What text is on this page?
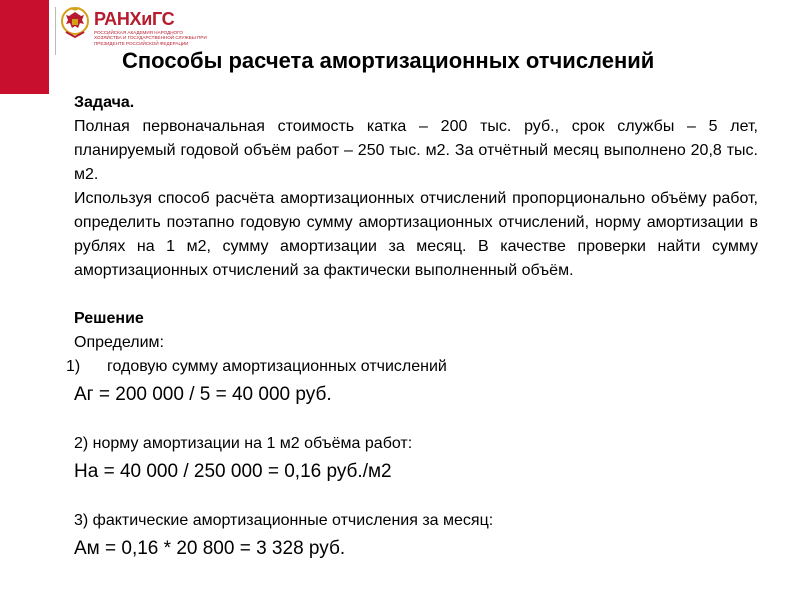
РАНХиГС
РОССИЙСКАЯ АКАДЕМИЯ НАРОДНОГО ХОЗЯЙСТВА И ГОСУДАРСТВЕННОЙ СЛУЖБЫ ПРИ ПРЕЗИДЕНТЕ РОССИЙСКОЙ ФЕДЕРАЦИИ
Способы расчета амортизационных отчислений

Задача.

Полная первоначальная стоимость катка – 200 тыс. руб., срок службы – 5 лет, планируемый годовой объём работ – 250 тыс. м2. За отчётный месяц выполнено 20,8 тыс. м2.

Используя способ расчёта амортизационных отчислений пропорционально объёму работ, определить поэтапно годовую сумму амортизационных отчислений, норму амортизации в рублях на 1 м2, сумму амортизации за месяц. В качестве проверки найти сумму амортизационных отчислений за фактически выполненный объём.

Решение

Определим:

1) годовую сумму амортизационных отчислений

Аг = 200 000 / 5 = 40 000 руб.

2) норму амортизации на 1 м2 объёма работ:

На = 40 000 / 250 000 = 0,16 руб./м2

3) фактические амортизационные отчисления за месяц:

Ам = 0,16 * 20 800 = 3 328 руб.
